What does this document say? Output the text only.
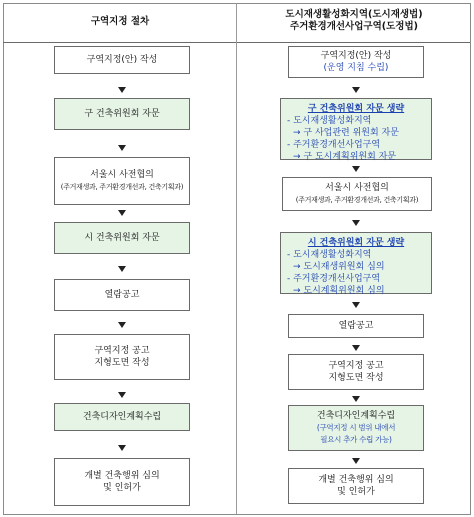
구역지정 절차
도시재생활성화지역(도시재생법)
주거환경개선사업구역(도정법)
구역지정(안) 작성
구 건축위원회 자문
서울시 사전협의
(주거재생과, 주거환경개선과, 건축기획과)
시 건축위원회 자문
열람공고
구역지정 공고
지형도면 작성
건축디자인계획수립
개별 건축행위 심의
및 인허가
구역지정(안) 작성
(운영 지침 수립)
구 건축위원회 자문 생략
- 도시재생활성화지역
→ 구 사업관련 위원회 자문
- 주거환경개선사업구역
→ 구 도시계획위원회 자문
서울시 사전협의
(주거재생과, 주거환경개선과, 건축기획과)
시 건축위원회 자문 생략
- 도시재생활성화지역
→ 도시재생위원회 심의
- 주거환경개선사업구역
→ 도시계획위원회 심의
열람공고
구역지정 공고
지형도면 작성
건축디자인계획수립
(구역지정 시 범위 내에서
필요시 추가 수립 가능)
개별 건축행위 심의
및 인허가
